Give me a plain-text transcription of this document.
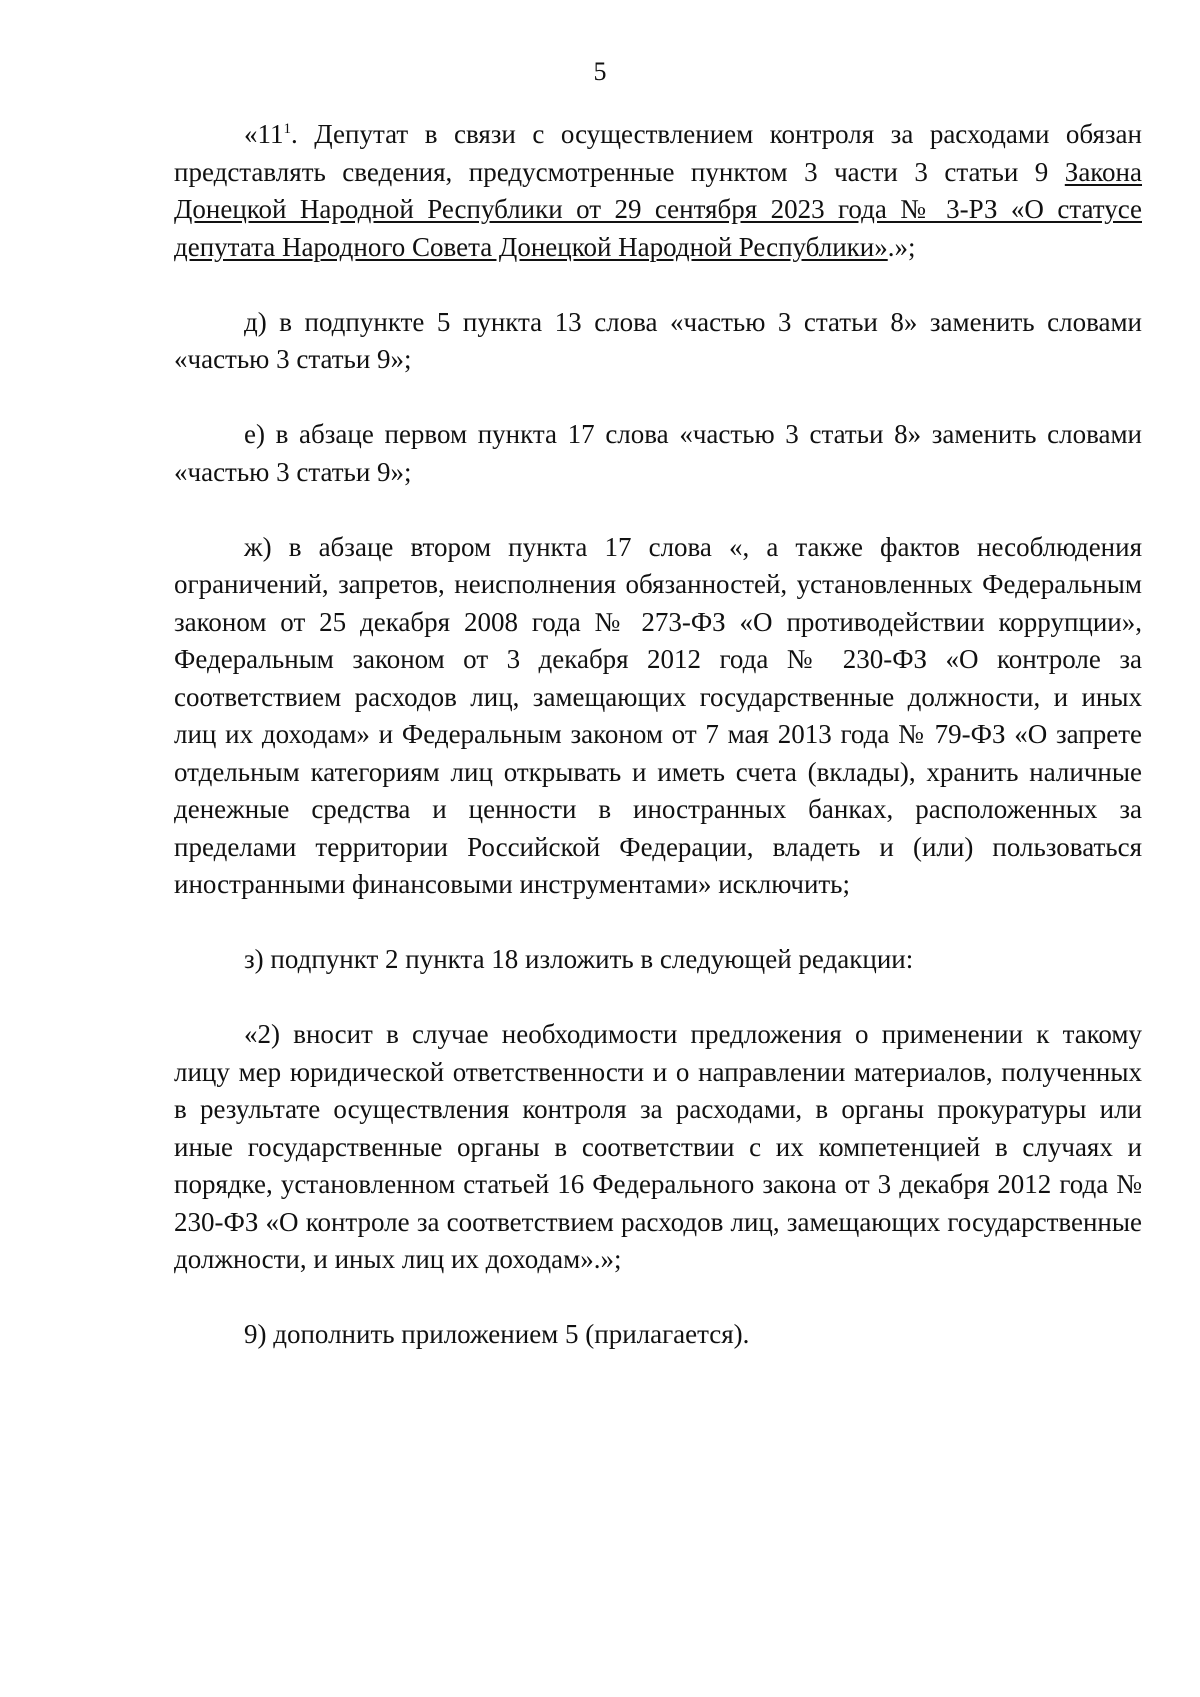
5

«$11^1$. Депутат в связи с осуществлением контроля за расходами обязан представлять сведения, предусмотренные пунктом 3 части 3 статьи 9 Закона Донецкой Народной Республики от 29 сентября 2023 года № 3-РЗ «О статусе депутата Народного Совета Донецкой Народной Республики».»;

д) в подпункте 5 пункта 13 слова «частью 3 статьи 8» заменить словами «частью 3 статьи 9»;

е) в абзаце первом пункта 17 слова «частью 3 статьи 8» заменить словами «частью 3 статьи 9»;

ж) в абзаце втором пункта 17 слова «, а также фактов несоблюдения ограничений, запретов, неисполнения обязанностей, установленных Федеральным законом от 25 декабря 2008 года № 273-ФЗ «О противодействии коррупции», Федеральным законом от 3 декабря 2012 года № 230-ФЗ «О контроле за соответствием расходов лиц, замещающих государственные должности, и иных лиц их доходам» и Федеральным законом от 7 мая 2013 года № 79-ФЗ «О запрете отдельным категориям лиц открывать и иметь счета (вклады), хранить наличные денежные средства и ценности в иностранных банках, расположенных за пределами территории Российской Федерации, владеть и (или) пользоваться иностранными финансовыми инструментами» исключить;

з) подпункт 2 пункта 18 изложить в следующей редакции:

«2) вносит в случае необходимости предложения о применении к такому лицу мер юридической ответственности и о направлении материалов, полученных в результате осуществления контроля за расходами, в органы прокуратуры или иные государственные органы в соответствии с их компетенцией в случаях и порядке, установленном статьей 16 Федерального закона от 3 декабря 2012 года № 230-ФЗ «О контроле за соответствием расходов лиц, замещающих государственные должности, и иных лиц их доходам».»;

9) дополнить приложением 5 (прилагается).
